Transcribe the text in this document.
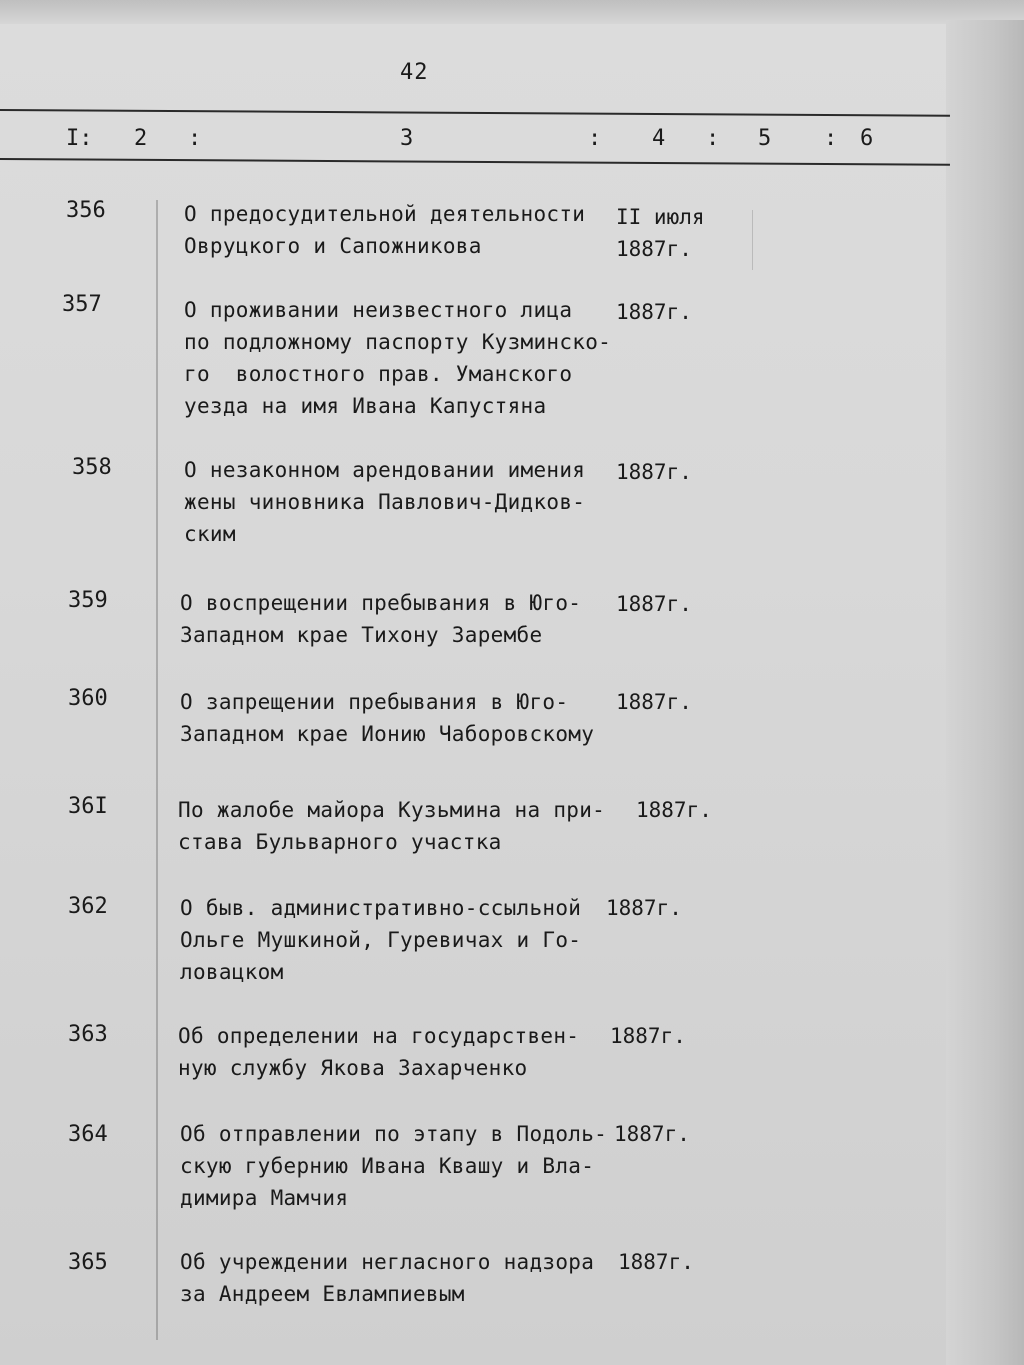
42
I: 2 :	3	: 4 : 5 : 6
356	О предосудительной деятельности
Овруцкого и Сапожникова
II июля
1887г.
357	О проживании неизвестного лица
по подложному паспорту Кузминско-
го  волостного прав. Уманского
уезда на имя Ивана Капустяна
1887г.
358	О незаконном арендовании имения
жены чиновника Павлович-Дидков-
ским
1887г.
359	О воспрещении пребывания в Юго-
Западном крае Тихону Зарембе
1887г.
360	О запрещении пребывания в Юго-
Западном крае Ионию Чаборовскому
1887г.
36I	По жалобе майора Кузьмина на при-
става Бульварного участка
1887г.
362	О быв. административно-ссыльной
Ольге Мушкиной, Гуревичах и Го-
ловацком
1887г.
363	Об определении на государствен-
ную службу Якова Захарченко
1887г.
364	Об отправлении по этапу в Подоль-
скую губернию Ивана Квашу и Вла-
димира Мамчия
1887г.
365	Об учреждении негласного надзора
за Андреем Евлампиевым
1887г.
